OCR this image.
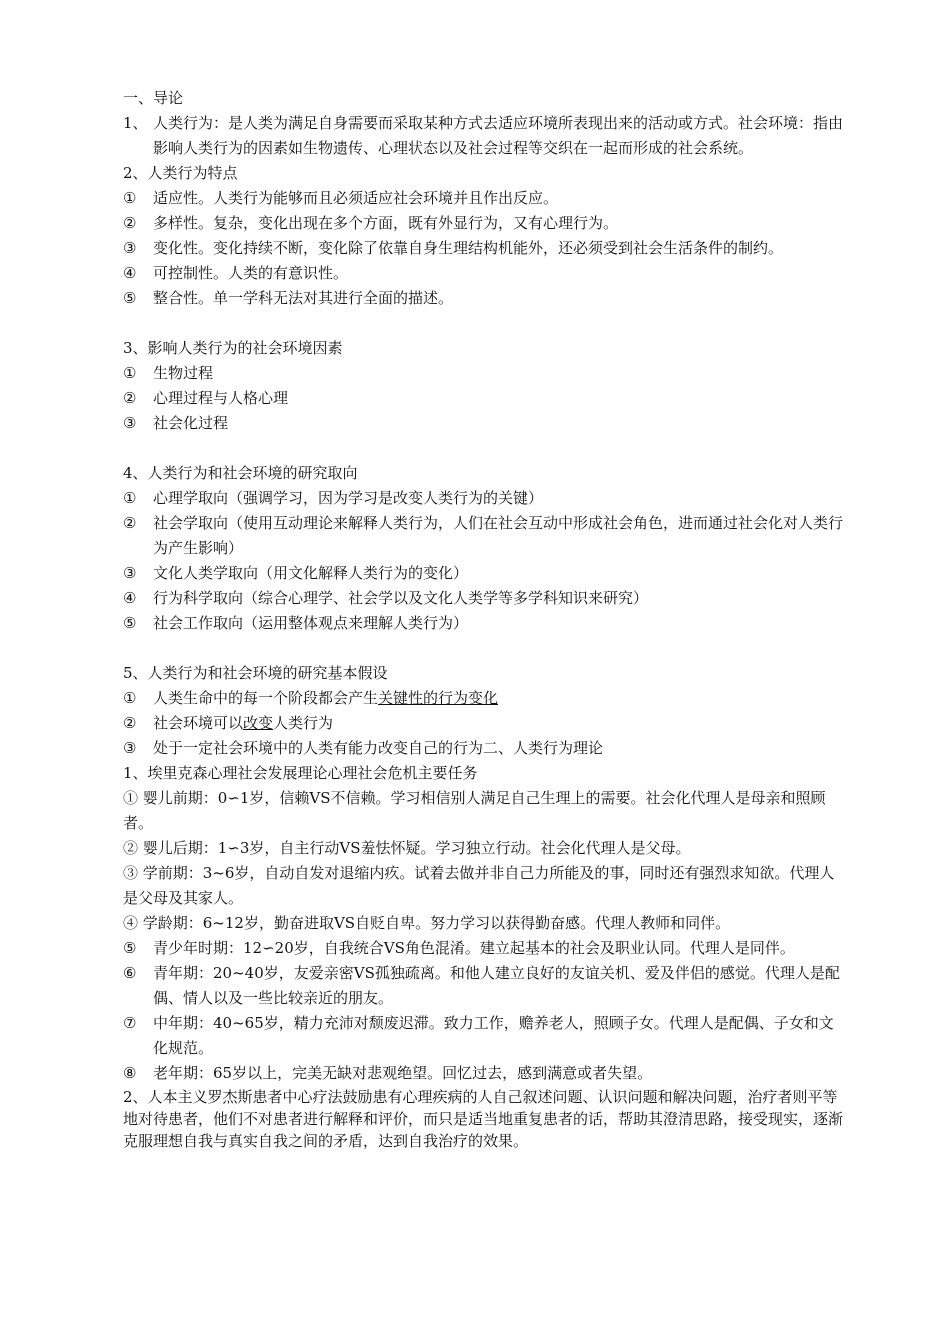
一、导论

1、 人类行为：是人类为满足自身需要而采取某种方式去适应环境所表现出来的活动或方式。社会环境：指由影响人类行为的因素如生物遗传、心理状态以及社会过程等交织在一起而形成的社会系统。

2、人类行为特点

①	适应性。人类行为能够而且必须适应社会环境并且作出反应。
②	多样性。复杂，变化出现在多个方面，既有外显行为，又有心理行为。
③	变化性。变化持续不断，变化除了依靠自身生理结构机能外，还必须受到社会生活条件的制约。
④	可控制性。人类的有意识性。
⑤	整合性。单一学科无法对其进行全面的描述。

3、影响人类行为的社会环境因素

①	生物过程
②	心理过程与人格心理
③	社会化过程

4、人类行为和社会环境的研究取向

①	心理学取向（强调学习，因为学习是改变人类行为的关键）
②	社会学取向（使用互动理论来解释人类行为，人们在社会互动中形成社会角色，进而通过社会化对人类行为产生影响）
③	文化人类学取向（用文化解释人类行为的变化）
④	行为科学取向（综合心理学、社会学以及文化人类学等多学科知识来研究）
⑤	社会工作取向（运用整体观点来理解人类行为）

5、人类行为和社会环境的研究基本假设

①	人类生命中的每一个阶段都会产生关键性的行为变化
②	社会环境可以改变人类行为
③	处于一定社会环境中的人类有能力改变自己的行为二、人类行为理论

1、埃里克森心理社会发展理论心理社会危机主要任务

① 婴儿前期：0∽1岁，信赖VS不信赖。学习相信别人满足自己生理上的需要。社会化代理人是母亲和照顾者。

② 婴儿后期：1∽3岁，自主行动VS羞怯怀疑。学习独立行动。社会化代理人是父母。

③ 学前期：3~6岁，自动自发对退缩内疚。试着去做并非自己力所能及的事，同时还有强烈求知欲。代理人是父母及其家人。

④ 学龄期：6~12岁，勤奋进取VS自贬自卑。努力学习以获得勤奋感。代理人教师和同伴。

⑤	青少年时期：12∽20岁，自我统合VS角色混淆。建立起基本的社会及职业认同。代理人是同伴。
⑥	青年期：20~40岁，友爱亲密VS孤独疏离。和他人建立良好的友谊关机、爱及伴侣的感觉。代理人是配偶、情人以及一些比较亲近的朋友。
⑦	中年期：40~65岁，精力充沛对颓废迟滞。致力工作，赡养老人，照顾子女。代理人是配偶、子女和文化规范。
⑧	老年期：65岁以上，完美无缺对悲观绝望。回忆过去，感到满意或者失望。

2、人本主义罗杰斯患者中心疗法鼓励患有心理疾病的人自己叙述问题、认识问题和解决问题，治疗者则平等地对待患者，他们不对患者进行解释和评价，而只是适当地重复患者的话，帮助其澄清思路，接受现实，逐渐克服理想自我与真实自我之间的矛盾，达到自我治疗的效果。
